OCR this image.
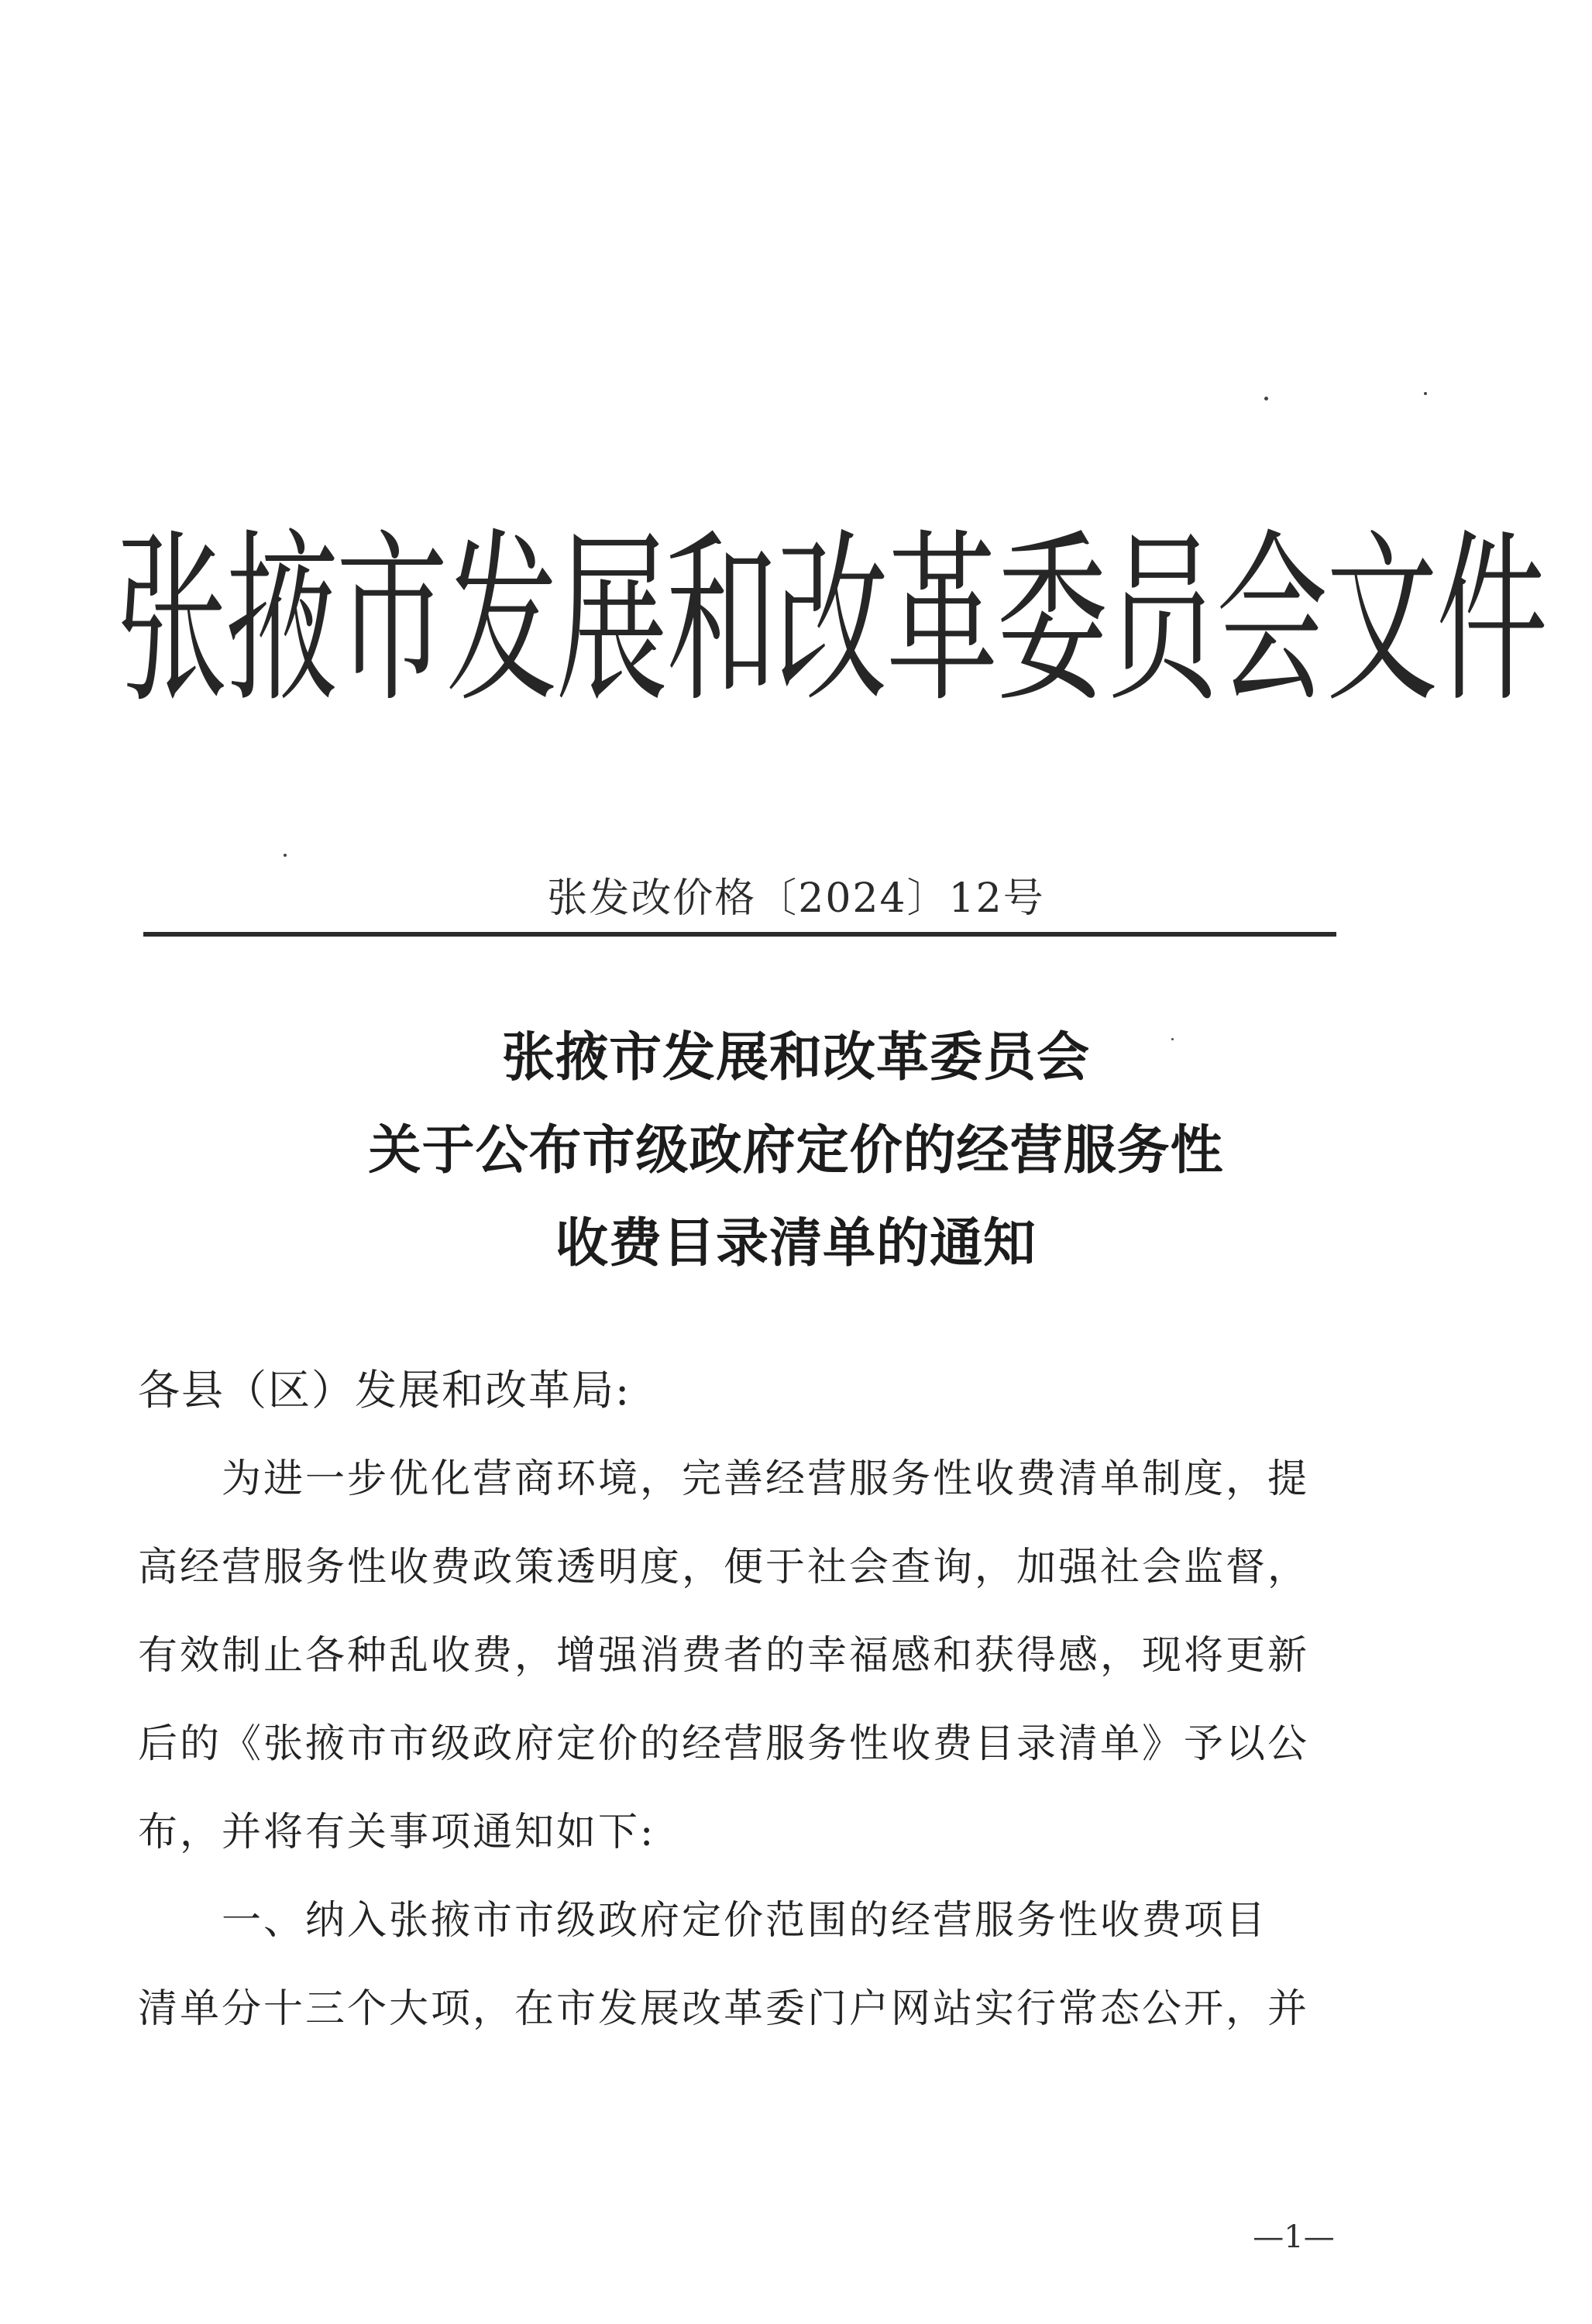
张掖市发展和改革委员会文件
张发改价格〔2024〕12号
张掖市发展和改革委员会
关于公布市级政府定价的经营服务性
收费目录清单的通知
各县（区）发展和改革局:
　　为进一步优化营商环境，完善经营服务性收费清单制度，提
高经营服务性收费政策透明度，便于社会查询，加强社会监督，
有效制止各种乱收费，增强消费者的幸福感和获得感，现将更新
后的《张掖市市级政府定价的经营服务性收费目录清单》予以公
布，并将有关事项通知如下:
　　一、纳入张掖市市级政府定价范围的经营服务性收费项目
清单分十三个大项，在市发展改革委门户网站实行常态公开，并
—1—
